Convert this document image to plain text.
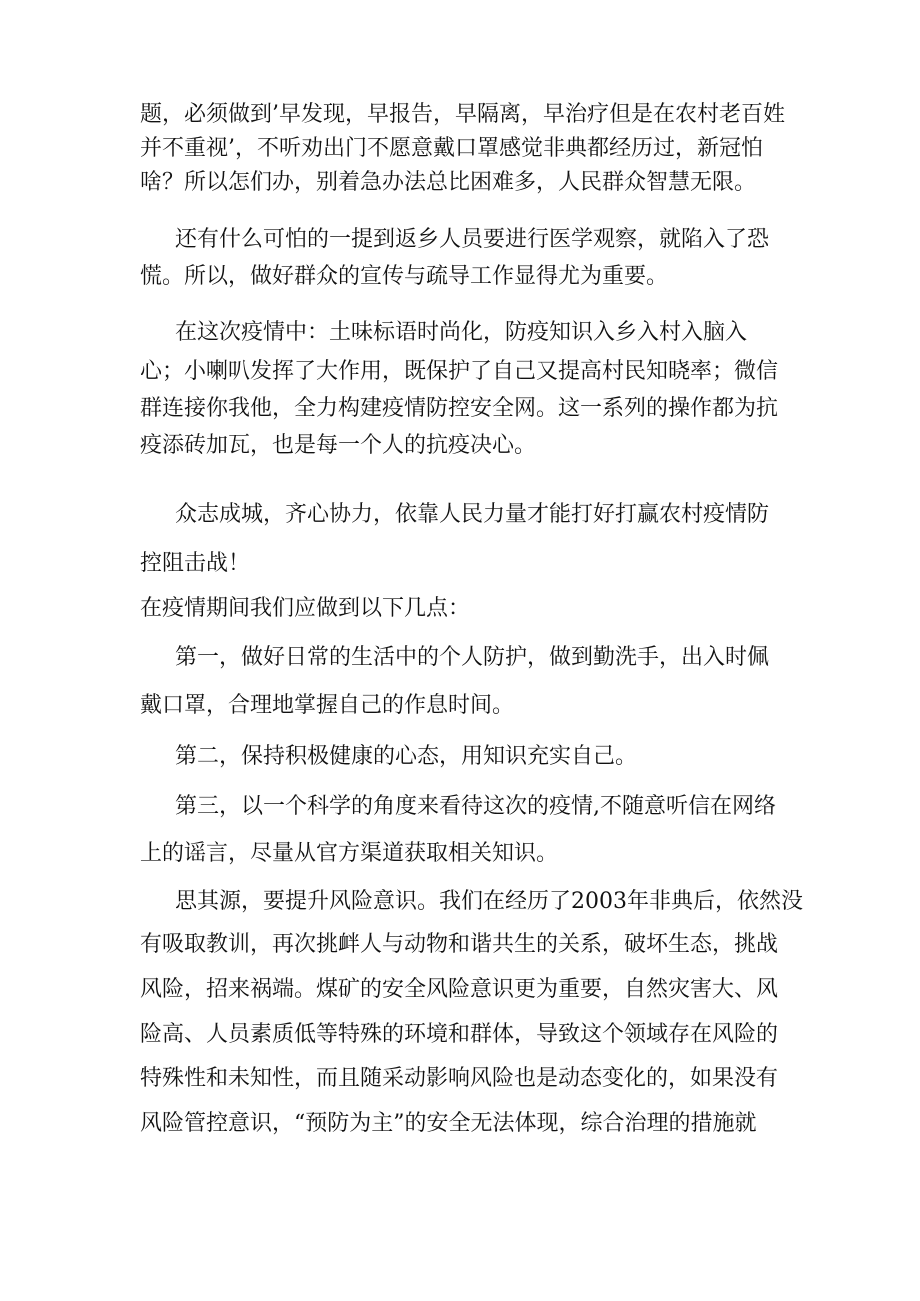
题，必须做到’早发现，早报告，早隔离，早治疗但是在农村老百姓
并不重视’，不听劝出门不愿意戴口罩感觉非典都经历过，新冠怕
啥？所以怎们办，别着急办法总比困难多，人民群众智慧无限。
还有什么可怕的一提到返乡人员要进行医学观察，就陷入了恐
慌。所以，做好群众的宣传与疏导工作显得尤为重要。
在这次疫情中：土味标语时尚化，防疫知识入乡入村入脑入
心；小喇叭发挥了大作用，既保护了自己又提高村民知晓率；微信
群连接你我他，全力构建疫情防控安全网。这一系列的操作都为抗
疫添砖加瓦，也是每一个人的抗疫决心。
众志成城，齐心协力，依靠人民力量才能打好打赢农村疫情防
控阻击战！
在疫情期间我们应做到以下几点：
第一，做好日常的生活中的个人防护，做到勤洗手，出入时佩
戴口罩，合理地掌握自己的作息时间。
第二，保持积极健康的心态，用知识充实自己。
第三，以一个科学的角度来看待这次的疫情,不随意听信在网络
上的谣言，尽量从官方渠道获取相关知识。
思其源，要提升风险意识。我们在经历了2003年非典后，依然没
有吸取教训，再次挑衅人与动物和谐共生的关系，破坏生态，挑战
风险，招来祸端。煤矿的安全风险意识更为重要，自然灾害大、风
险高、人员素质低等特殊的环境和群体，导致这个领域存在风险的
特殊性和未知性，而且随采动影响风险也是动态变化的，如果没有
风险管控意识，“预防为主”的安全无法体现，综合治理的措施就
